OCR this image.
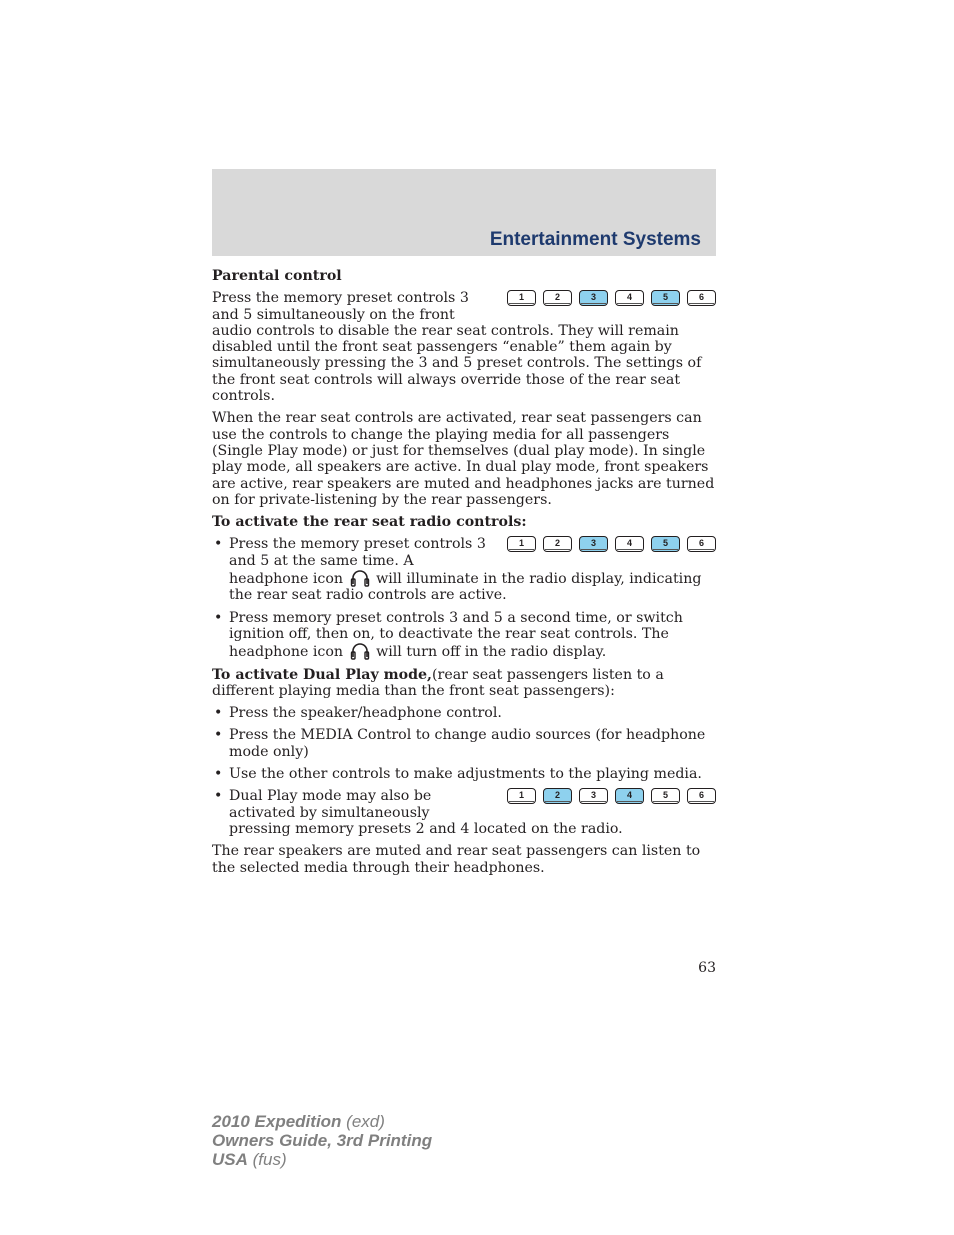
Entertainment Systems
Parental control
1	2	3	4	5	6
Press the memory preset controls 3 and 5 simultaneously on the front audio controls to disable the rear seat controls. They will remain disabled until the front seat passengers “enable” them again by simultaneously pressing the 3 and 5 preset controls. The settings of the front seat controls will always override those of the rear seat controls.

When the rear seat controls are activated, rear seat passengers can use the controls to change the playing media for all passengers (Single Play mode) or just for themselves (dual play mode). In single play mode, all speakers are active. In dual play mode, front speakers are active, rear speakers are muted and headphones jacks are turned on for private-listening by the rear passengers.

To activate the rear seat radio controls:
• 1	2	3	4	5	6
Press the memory preset controls 3 and 5 at the same time. A headphone icon will illuminate in the radio display, indicating the rear seat radio controls are active.
• Press memory preset controls 3 and 5 a second time, or switch ignition off, then on, to deactivate the rear seat controls. The headphone icon will turn off in the radio display.

To activate Dual Play mode,(rear seat passengers listen to a different playing media than the front seat passengers):

• Press the speaker/headphone control.
• Press the MEDIA Control to change audio sources (for headphone mode only)
• Use the other controls to make adjustments to the playing media.
• 1	2	3	4	5	6
Dual Play mode may also be activated by simultaneously pressing memory presets 2 and 4 located on the radio.

The rear speakers are muted and rear seat passengers can listen to the selected media through their headphones.

63
2010 Expedition (exd)
Owners Guide, 3rd Printing
USA (fus)
